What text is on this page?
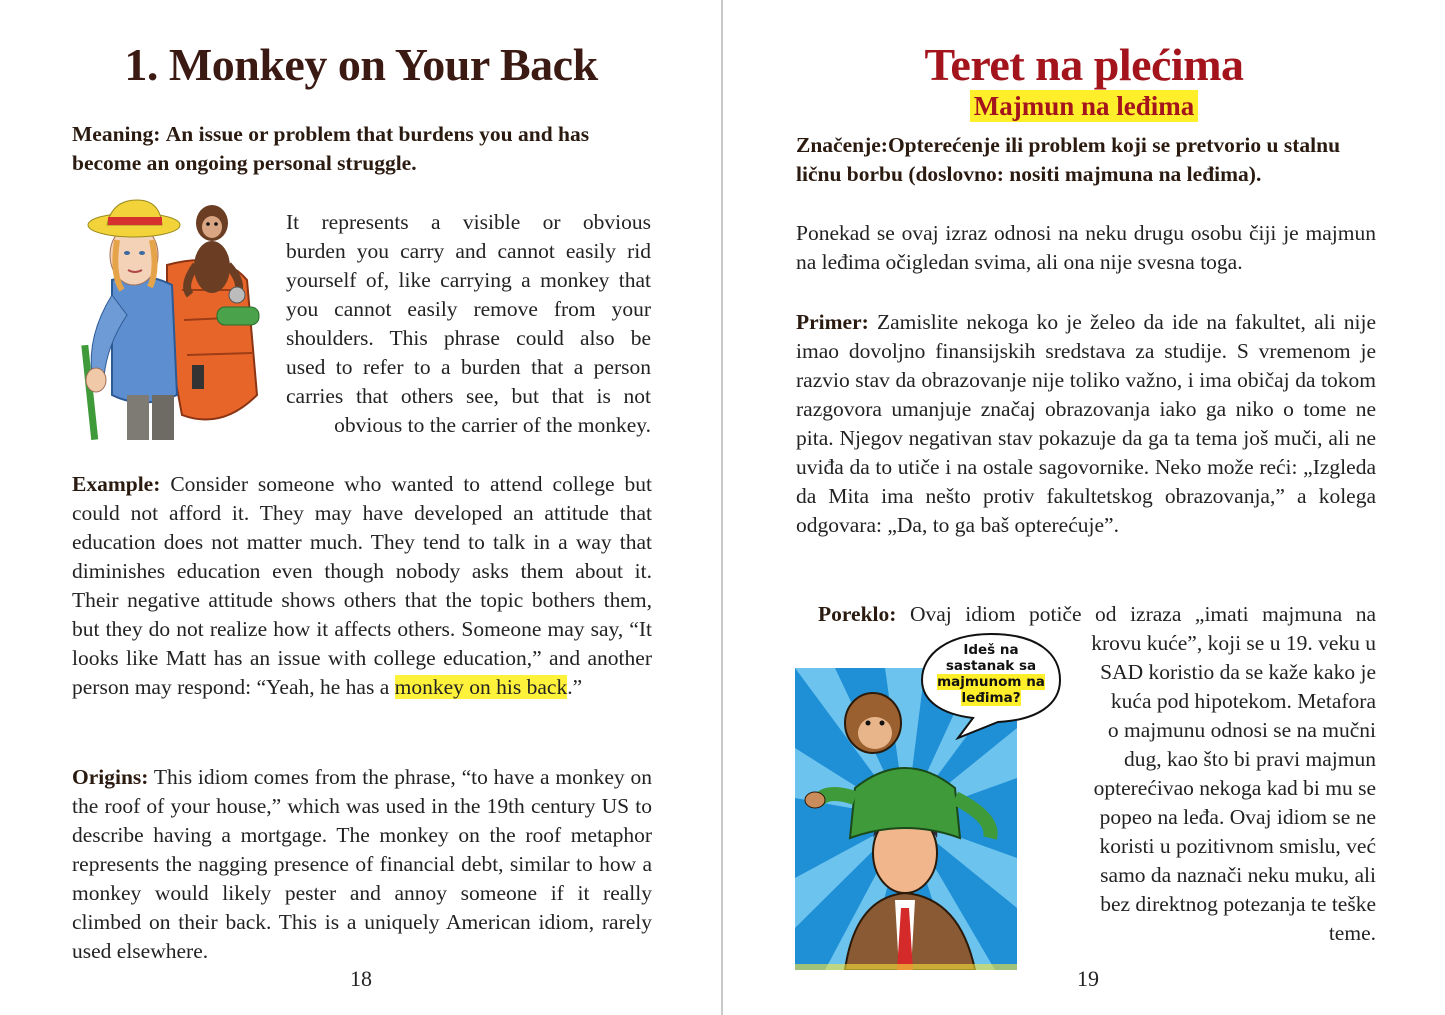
1. Monkey on Your Back

Meaning: An issue or problem that burdens you and has become an ongoing personal struggle.

It represents a visible or obvious

burden you carry and cannot easily rid

yourself of, like carrying a monkey that

you cannot easily remove from your

shoulders. This phrase could also be

used to refer to a burden that a person

carries that others see, but that is not

obvious to the carrier of the monkey.

Example: Consider someone who wanted to attend college but could not afford it. They may have developed an attitude that education does not matter much. They tend to talk in a way that diminishes education even though nobody asks them about it. Their negative attitude shows others that the topic bothers them, but they do not realize how it affects others. Someone may say, “It looks like Matt has an issue with college education,” and another person may respond: “Yeah, he has a monkey on his back.”

Origins: This idiom comes from the phrase, “to have a monkey on the roof of your house,” which was used in the 19th century US to describe having a mortgage. The monkey on the roof metaphor represents the nagging presence of financial debt, similar to how a monkey would likely pester and annoy someone if it really climbed on their back. This is a uniquely American idiom, rarely used elsewhere.

18

Teret na plećima
Majmun na leđima

Značenje:Opterećenje ili problem koji se pretvorio u stalnu ličnu borbu (doslovno: nositi majmuna na leđima).

Ponekad se ovaj izraz odnosi na neku drugu osobu čiji je majmun na leđima očigledan svima, ali ona nije svesna toga.

Primer: Zamislite nekoga ko je želeo da ide na fakultet, ali nije imao dovoljno finansijskih sredstava za studije. S vremenom je razvio stav da obrazovanje nije toliko važno, i ima običaj da tokom razgovora umanjuje značaj obrazovanja iako ga niko o tome ne pita. Njegov negativan stav pokazuje da ga ta tema još muči, ali ne uviđa da to utiče i na ostale sagovornike. Neko može reći: „Izgleda da Mita ima nešto protiv fakultetskog obrazovanja,” a kolega odgovara: „Da, to ga baš opterećuje”.

Poreklo: Ovaj idiom potiče od izraza „imati majmuna na

Ideš na
sastanak sa
majmunom na
leđima?

krovu kuće”, koji se u 19. veku u

SAD koristio da se kaže kako je

kuća pod hipotekom. Metafora

o majmunu odnosi se na mučni

dug, kao što bi pravi majmun

opterećivao nekoga kad bi mu se

popeo na leđa. Ovaj idiom se ne

koristi u pozitivnom smislu, već

samo da naznači neku muku, ali

bez direktnog potezanja te teške

teme.

19
